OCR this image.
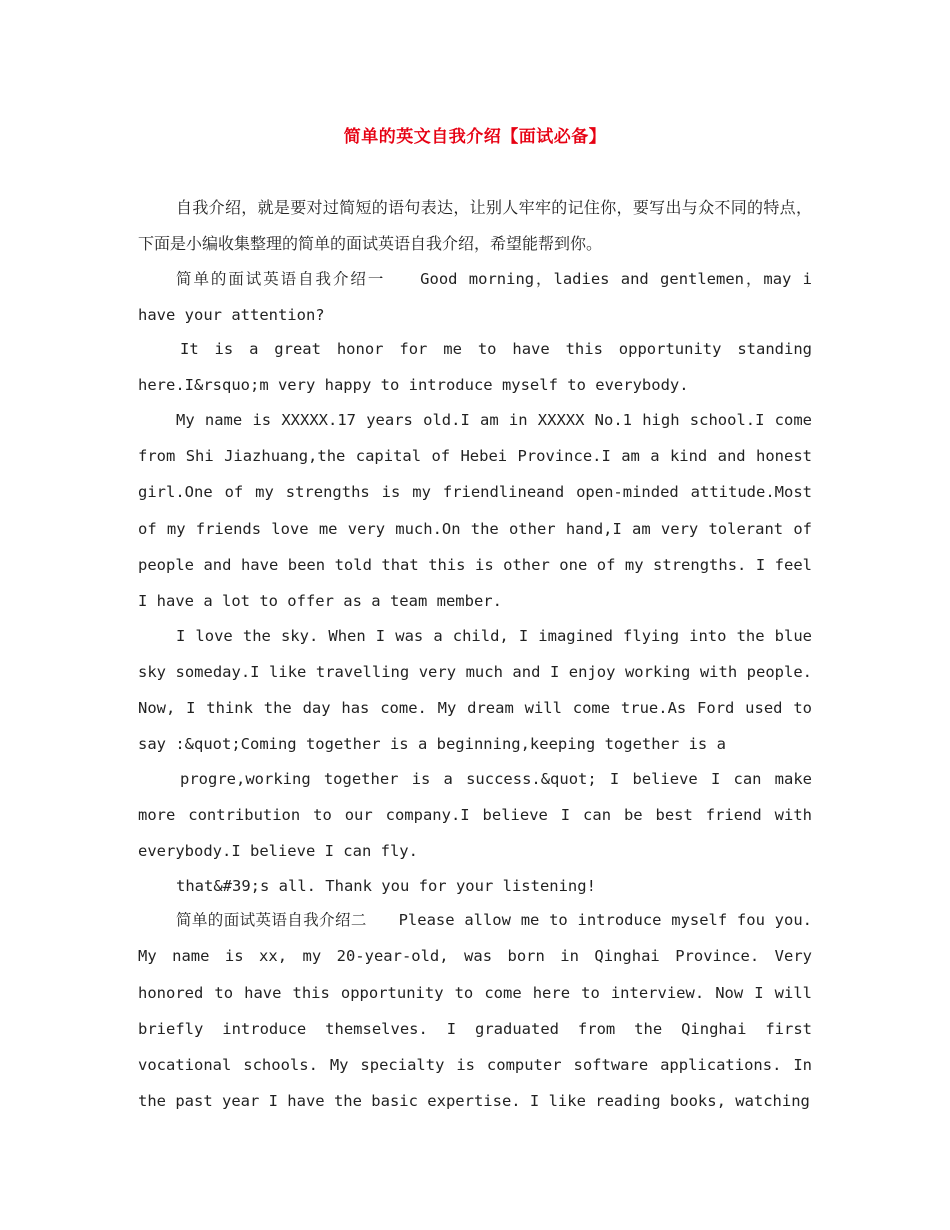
简单的英文自我介绍【面试必备】

自我介绍，就是要对过简短的语句表达，让别人牢牢的记住你，要写出与众不同的特点，下面是小编收集整理的简单的面试英语自我介绍，希望能帮到你。

简单的面试英语自我介绍一　　Good morning，ladies and gentlemen，may i have your attention?

It is a great honor for me to have this opportunity standing here.I&rsquo;m very happy to introduce myself to everybody.

My name is XXXXX.17 years old.I am in XXXXX No.1 high school.I come from Shi Jiazhuang,the capital of Hebei Province.I am a kind and honest girl.One of my strengths is my friendlineand open-minded attitude.Most of my friends love me very much.On the other hand,I am very tolerant of people and have been told that this is other one of my strengths. I feel I have a lot to offer as a team member.

I love the sky. When I was a child, I imagined flying into the blue sky someday.I like travelling very much and I enjoy working with people. Now, I think the day has come. My dream will come true.As Ford used to say :&quot;Coming together is a beginning,keeping together is a

progre,working together is a success.&quot; I believe I can make more contribution to our company.I believe I can be best friend with everybody.I believe I can fly.

that&#39;s all. Thank you for your listening!

简单的面试英语自我介绍二　　Please allow me to introduce myself fou you. My name is xx, my 20-year-old, was born in Qinghai Province. Very honored to have this opportunity to come here to interview. Now I will briefly introduce themselves. I graduated from the Qinghai first vocational schools. My specialty is computer software applications. In the past year I have the basic expertise. I like reading books, watching
